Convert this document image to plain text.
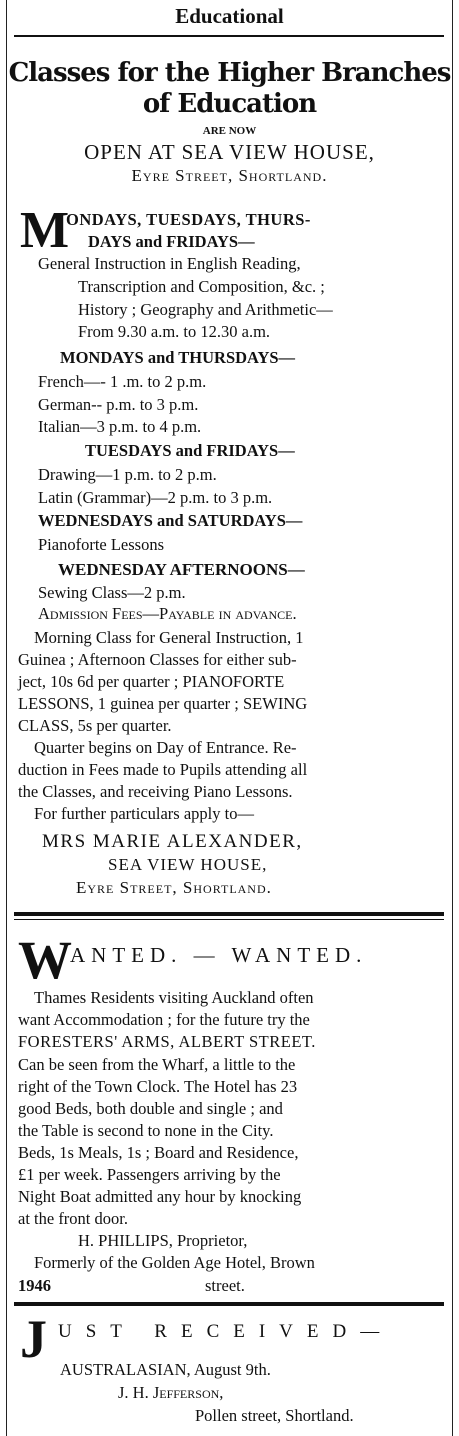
Educational
Classes for the Higher Branches
of Education
ARE NOW
OPEN AT SEA VIEW HOUSE,
Eyre Street, Shortland.
M
ONDAYS, TUESDAYS, THURS-
DAYS and FRIDAYS—
General Instruction in English Reading,
Transcription and Composition, &c. ;
History ; Geography and Arithmetic—
From 9.30 a.m. to 12.30 a.m.
MONDAYS and THURSDAYS—
French—- 1 .m. to 2 p.m.
German-- p.m. to 3 p.m.
Italian—3 p.m. to 4 p.m.
TUESDAYS and FRIDAYS—
Drawing—1 p.m. to 2 p.m.
Latin (Grammar)—2 p.m. to 3 p.m.
WEDNESDAYS and SATURDAYS—
Pianoforte Lessons
WEDNESDAY AFTERNOONS—
Sewing Class—2 p.m.
Admission Fees—Payable in advance.
Morning Class for General Instruction, 1
Guinea ; Afternoon Classes for either sub-
ject, 10s 6d per quarter ; PIANOFORTE
LESSONS, 1 guinea per quarter ; SEWING
CLASS, 5s per quarter.
Quarter begins on Day of Entrance. Re-
duction in Fees made to Pupils attending all
the Classes, and receiving Piano Lessons.
For further particulars apply to—
MRS MARIE ALEXANDER,
SEA VIEW HOUSE,
Eyre Street, Shortland.
W
ANTED. — WANTED.
Thames Residents visiting Auckland often
want Accommodation ; for the future try the
FORESTERS' ARMS, ALBERT STREET.
Can be seen from the Wharf, a little to the
right of the Town Clock. The Hotel has 23
good Beds, both double and single ; and
the Table is second to none in the City.
Beds, 1s Meals, 1s ; Board and Residence,
£1 per week. Passengers arriving by the
Night Boat admitted any hour by knocking
at the front door.
H. PHILLIPS, Proprietor,
Formerly of the Golden Age Hotel, Brown
1946	street.
J UST RECEIVED—
AUSTRALASIAN, August 9th.
J. H. Jefferson,
Pollen street, Shortland.
